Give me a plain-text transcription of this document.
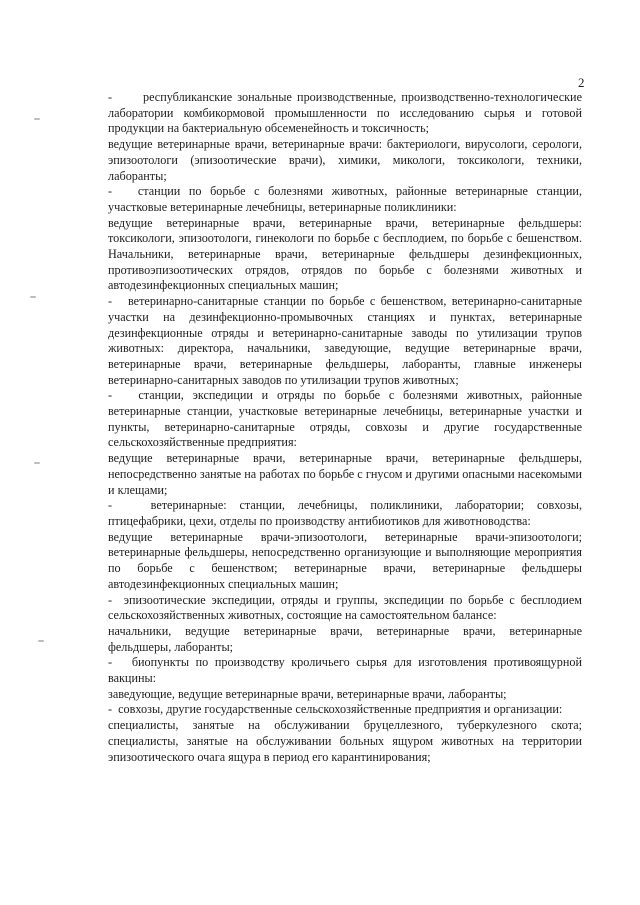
2

-      республиканские зональные производственные, производственно-технологические лаборатории комбикормовой промышленности по исследованию сырья и готовой продукции на бактериальную обсеменейность и токсичность;

ведущие ветеринарные врачи, ветеринарные врачи: бактериологи, вирусологи, серологи, эпизоотологи (эпизоотические врачи), химики, микологи, токсикологи, техники, лаборанты;

-   станции по борьбе с болезнями животных, районные ветеринарные станции, участковые ветеринарные лечебницы, ветеринарные поликлиники:

ведущие ветеринарные врачи, ветеринарные врачи, ветеринарные фельдшеры: токсикологи, эпизоотологи, гинекологи по борьбе с бесплодием, по борьбе с бешенством. Начальники, ветеринарные врачи, ветеринарные фельдшеры дезинфекционных, противоэпизоотических отрядов, отрядов по борьбе с болезнями животных и автодезинфекционных специальных машин;

-   ветеринарно-санитарные станции по борьбе с бешенством, ветеринарно-санитарные участки на дезинфекционно-промывочных станциях и пунктах, ветеринарные дезинфекционные отряды и ветеринарно-санитарные заводы по утилизации трупов животных: директора, начальники, заведующие, ведущие ветеринарные врачи, ветеринарные врачи, ветеринарные фельдшеры, лаборанты, главные инженеры ветеринарно-санитарных заводов по утилизации трупов животных;

-   станции, экспедиции и отряды по борьбе с болезнями животных, районные ветеринарные станции, участковые ветеринарные лечебницы, ветеринарные участки и пункты, ветеринарно-санитарные отряды, совхозы и другие государственные сельскохозяйственные предприятия:

ведущие ветеринарные врачи, ветеринарные врачи, ветеринарные фельдшеры, непосредственно занятые на работах по борьбе с гнусом и другими опасными насекомыми и клещами;

-   ветеринарные: станции, лечебницы, поликлиники, лаборатории; совхозы, птицефабрики, цехи, отделы по производству антибиотиков для животноводства:

ведущие ветеринарные врачи-эпизоотологи, ветеринарные врачи-эпизоотологи; ветеринарные фельдшеры, непосредственно организующие и выполняющие мероприятия по борьбе с бешенством; ветеринарные врачи, ветеринарные фельдшеры автодезинфекционных специальных машин;

-  эпизоотические экспедиции, отряды и группы, экспедиции по борьбе с бесплодием сельскохозяйственных животных, состоящие на самостоятельном балансе:

начальники, ведущие ветеринарные врачи, ветеринарные врачи, ветеринарные фельдшеры, лаборанты;

-   биопункты по производству кроличьего сырья для изготовления противоящурной вакцины:

заведующие, ведущие ветеринарные врачи, ветеринарные врачи, лаборанты;

-  совхозы, другие государственные сельскохозяйственные предприятия и организации:

специалисты, занятые на обслуживании бруцеллезного, туберкулезного скота; специалисты, занятые на обслуживании больных ящуром животных на территории эпизоотического очага ящура в период его карантинирования;
